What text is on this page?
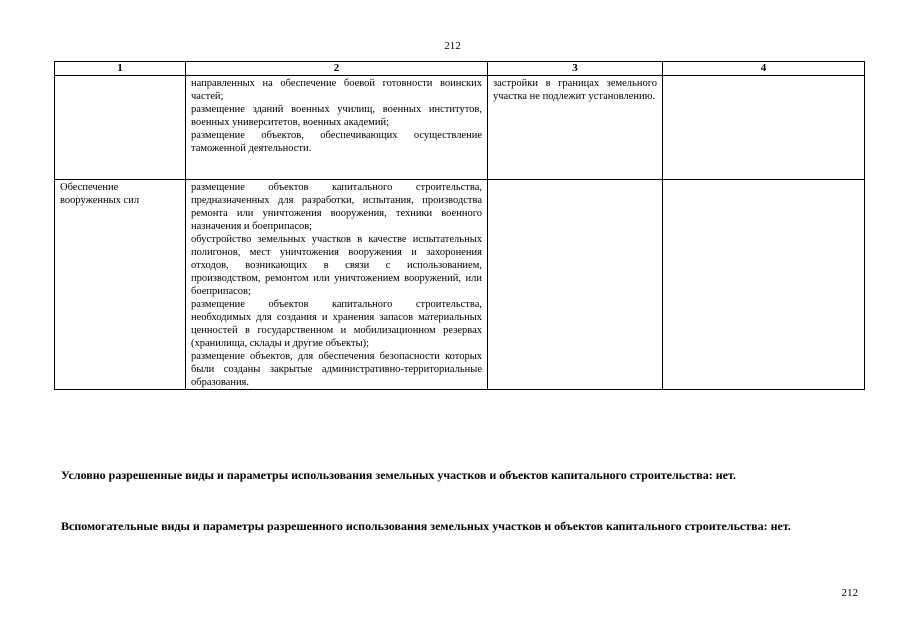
212
1	2	3	4

	направленных на обеспечение боевой готовности воинских частей;

размещение зданий военных училищ, военных институтов, военных университетов, военных академий;

размещение объектов, обеспечивающих осуществление таможенной деятельности.	застройки в границах земельного участка не подлежит установлению.	

Обеспечение вооруженных сил	размещение объектов капитального строительства, предназначенных для разработки, испытания, производства ремонта или уничтожения вооружения, техники военного назначения и боеприпасов;

обустройство земельных участков в качестве испытательных полигонов, мест уничтожения вооружения и захоронения отходов, возникающих в связи с использованием, производством, ремонтом или уничтожением вооружений, или боеприпасов;

размещение объектов капитального строительства, необходимых для создания и хранения запасов материальных ценностей в государственном и мобилизационном резервах (хранилища, склады и другие объекты);

размещение объектов, для обеспечения безопасности которых были созданы закрытые административно-территориальные образования.		

Условно разрешенные виды и параметры использования земельных участков и объектов капитального строительства: нет.
Вспомогательные виды и параметры разрешенного использования земельных участков и объектов капитального строительства: нет.
212
